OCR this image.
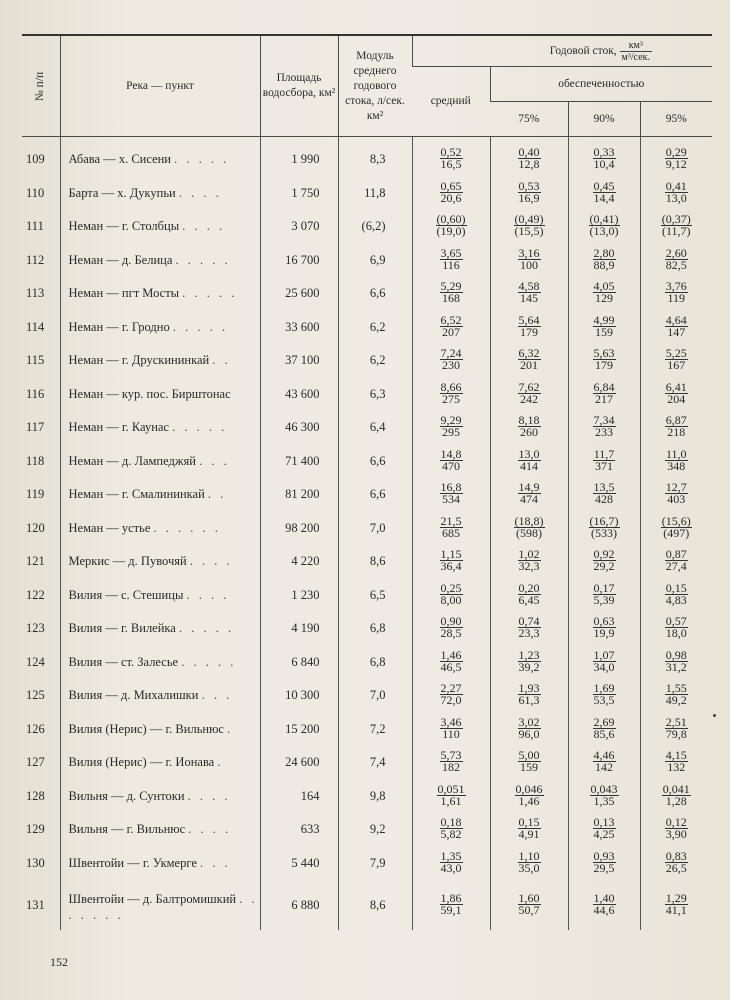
№ п/п	Река — пункт	Площадь водосбора, км²	Модуль среднего годового стока, л/сек. км²	Годовой сток, $\frac{\text{км³}}{\text{м³/сек.}}$

				средний	обеспеченностью		
					75%	90%	95%
109	Абава — х. Сисени . . . . .	1 990	8,3	$\frac{0,52}{16,5}$	$\frac{0,40}{12,8}$	$\frac{0,33}{10,4}$	$\frac{0,29}{9,12}$

110	Барта — х. Дукупьи . . . .	1 750	11,8	$\frac{0,65}{20,6}$	$\frac{0,53}{16,9}$	$\frac{0,45}{14,4}$	$\frac{0,41}{13,0}$

111	Неман — г. Столбцы . . . .	3 070	(6,2)	$\frac{(0,60)}{(19,0)}$	$\frac{(0,49)}{(15,5)}$	$\frac{(0,41)}{(13,0)}$	$\frac{(0,37)}{(11,7)}$

112	Неман — д. Белица . . . . .	16 700	6,9	$\frac{3,65}{116}$	$\frac{3,16}{100}$	$\frac{2,80}{88,9}$	$\frac{2,60}{82,5}$

113	Неман — пгт Мосты . . . . .	25 600	6,6	$\frac{5,29}{168}$	$\frac{4,58}{145}$	$\frac{4,05}{129}$	$\frac{3,76}{119}$

114	Неман — г. Гродно . . . . .	33 600	6,2	$\frac{6,52}{207}$	$\frac{5,64}{179}$	$\frac{4,99}{159}$	$\frac{4,64}{147}$

115	Неман — г. Друскининкай . .	37 100	6,2	$\frac{7,24}{230}$	$\frac{6,32}{201}$	$\frac{5,63}{179}$	$\frac{5,25}{167}$

116	Неман — кур. пос. Бирштонас	43 600	6,3	$\frac{8,66}{275}$	$\frac{7,62}{242}$	$\frac{6,84}{217}$	$\frac{6,41}{204}$

117	Неман — г. Каунас . . . . .	46 300	6,4	$\frac{9,29}{295}$	$\frac{8,18}{260}$	$\frac{7,34}{233}$	$\frac{6,87}{218}$

118	Неман — д. Лампеджяй . . .	71 400	6,6	$\frac{14,8}{470}$	$\frac{13,0}{414}$	$\frac{11,7}{371}$	$\frac{11,0}{348}$

119	Неман — г. Смалининкай . .	81 200	6,6	$\frac{16,8}{534}$	$\frac{14,9}{474}$	$\frac{13,5}{428}$	$\frac{12,7}{403}$

120	Неман — устье . . . . . .	98 200	7,0	$\frac{21,5}{685}$	$\frac{(18,8)}{(598)}$	$\frac{(16,7)}{(533)}$	$\frac{(15,6)}{(497)}$

121	Меркис — д. Пувочяй . . . .	4 220	8,6	$\frac{1,15}{36,4}$	$\frac{1,02}{32,3}$	$\frac{0,92}{29,2}$	$\frac{0,87}{27,4}$

122	Вилия — с. Стешицы . . . .	1 230	6,5	$\frac{0,25}{8,00}$	$\frac{0,20}{6,45}$	$\frac{0,17}{5,39}$	$\frac{0,15}{4,83}$

123	Вилия — г. Вилейка . . . . .	4 190	6,8	$\frac{0,90}{28,5}$	$\frac{0,74}{23,3}$	$\frac{0,63}{19,9}$	$\frac{0,57}{18,0}$

124	Вилия — ст. Залесье . . . . .	6 840	6,8	$\frac{1,46}{46,5}$	$\frac{1,23}{39,2}$	$\frac{1,07}{34,0}$	$\frac{0,98}{31,2}$

125	Вилия — д. Михалишки . . .	10 300	7,0	$\frac{2,27}{72,0}$	$\frac{1,93}{61,3}$	$\frac{1,69}{53,5}$	$\frac{1,55}{49,2}$

126	Вилия (Нерис) — г. Вильнюс .	15 200	7,2	$\frac{3,46}{110}$	$\frac{3,02}{96,0}$	$\frac{2,69}{85,6}$	$\frac{2,51}{79,8}$

127	Вилия (Нерис) — г. Ионава .	24 600	7,4	$\frac{5,73}{182}$	$\frac{5,00}{159}$	$\frac{4,46}{142}$	$\frac{4,15}{132}$

128	Вильня — д. Сунтоки . . . .	164	9,8	$\frac{0,051}{1,61}$	$\frac{0,046}{1,46}$	$\frac{0,043}{1,35}$	$\frac{0,041}{1,28}$

129	Вильня — г. Вильнюс . . . .	633	9,2	$\frac{0,18}{5,82}$	$\frac{0,15}{4,91}$	$\frac{0,13}{4,25}$	$\frac{0,12}{3,90}$

130	Швентойи — г. Укмерге . . .	5 440	7,9	$\frac{1,35}{43,0}$	$\frac{1,10}{35,0}$	$\frac{0,93}{29,5}$	$\frac{0,83}{26,5}$

131	Швентойи — д. Балтромишкий . . . . . . .	6 880	8,6	$\frac{1,86}{59,1}$	$\frac{1,60}{50,7}$	$\frac{1,40}{44,6}$	$\frac{1,29}{41,1}$
152
